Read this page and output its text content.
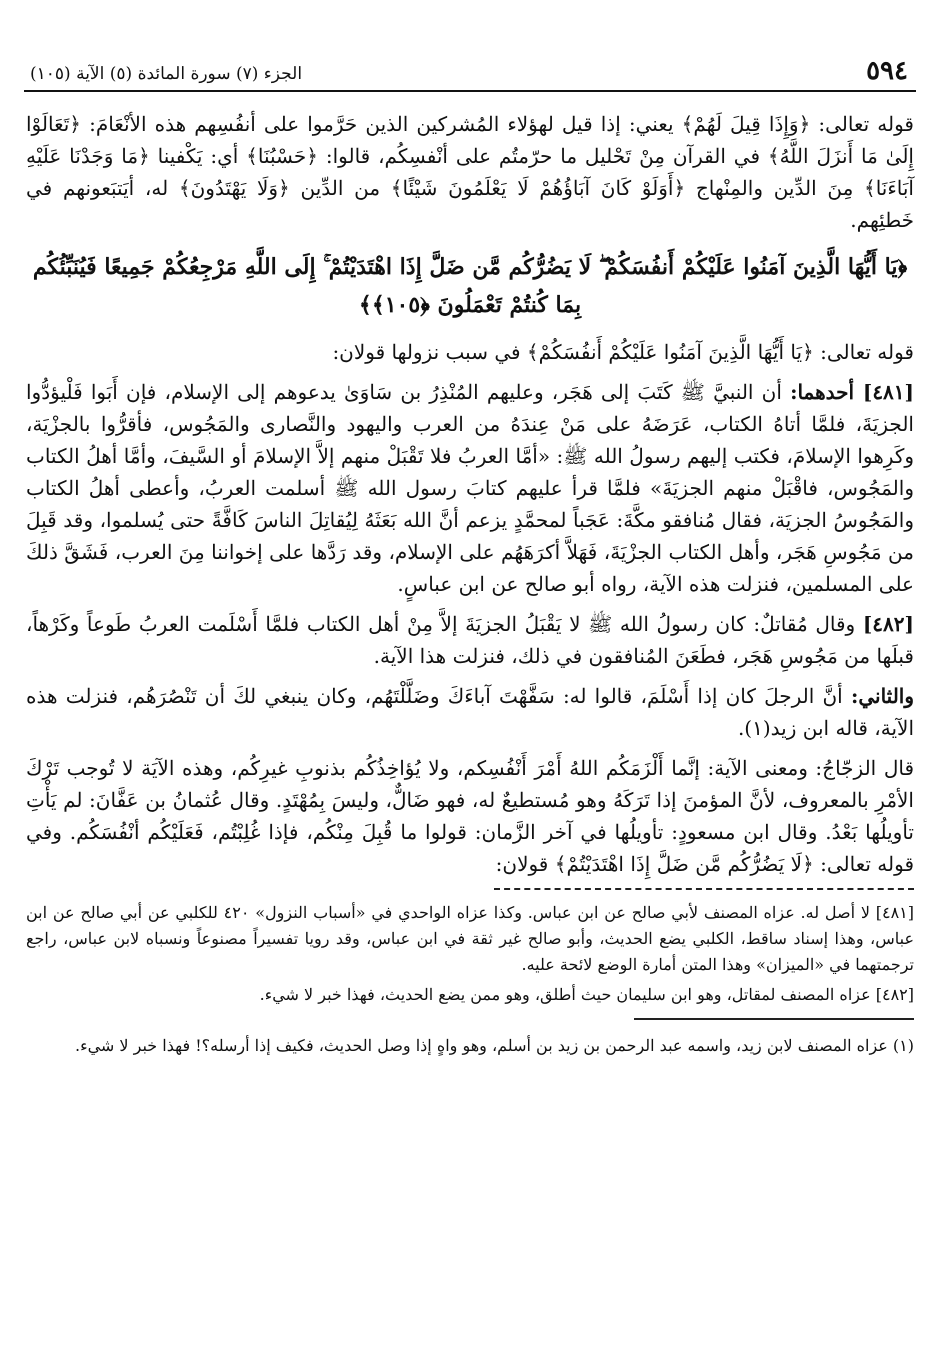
٥٩٤
الجزء (٧) سورة المائدة (٥) الآية (١٠٥)

قوله تعالى: ﴿وَإِذَا قِيلَ لَهُمْ﴾ يعني: إذا قيل لهؤلاء المُشركين الذين حَرَّموا على أنفُسِهم هذه الأنْعَامَ: ﴿تَعَالَوْا إِلَىٰ مَا أَنزَلَ اللَّهُ﴾ في القرآن مِنْ تَحْليل ما حرّمتُم على أنْفسِكُم، قالوا: ﴿حَسْبُنَا﴾ أي: يَكْفينا ﴿مَا وَجَدْنَا عَلَيْهِ آبَاءَنَا﴾ مِنَ الدِّين والمِنْهاج ﴿أَوَلَوْ كَانَ آبَاؤُهُمْ لَا يَعْلَمُونَ شَيْئًا﴾ من الدِّين ﴿وَلَا يَهْتَدُونَ﴾ له، أيَتبَعونهم في خَطئِهم.

﴿يَا أَيُّهَا الَّذِينَ آمَنُوا عَلَيْكُمْ أَنفُسَكُمْ ۖ لَا يَضُرُّكُم مَّن ضَلَّ إِذَا اهْتَدَيْتُمْ ۚ إِلَى اللَّهِ مَرْجِعُكُمْ جَمِيعًا فَيُنَبِّئُكُم بِمَا كُنتُمْ تَعْمَلُونَ ﴿١٠٥﴾﴾

قوله تعالى: ﴿يَا أَيُّهَا الَّذِينَ آمَنُوا عَلَيْكُمْ أَنفُسَكُمْ﴾ في سبب نزولها قولان:

[٤٨١] أحدهما: أن النبيَّ ﷺ كَتَبَ إلى هَجَر، وعليهم المُنْذِرُ بن سَاوَىٰ يدعوهم إلى الإسلام، فإن أَبَوا فَلْيؤدُّوا الجزيَةَ، فلمَّا أتاهُ الكتاب، عَرَضَهُ على مَنْ عِندَهُ من العرب واليهود والنَّصارى والمَجُوس، فأقرُّوا بالجزْيَة، وكَرِهوا الإسلامَ، فكتب إليهم رسولُ الله ﷺ: «أمَّا العربُ فلا تَقْبَلْ منهم إلاَّ الإسلامَ أو السَّيفَ، وأمَّا أهلُ الكتاب والمَجُوس، فاقْبَلْ منهم الجزيَةَ» فلمَّا قرأ عليهم كتابَ رسول الله ﷺ أسلمت العربُ، وأعطى أهلُ الكتاب والمَجُوسُ الجزيَة، فقال مُنافقو مكَّةَ: عَجَباً لمحمَّدٍ يزعم أنَّ الله بَعَثَهُ لِيُقاتِلَ الناسَ كَافَّةً حتى يُسلموا، وقد قَبِلَ من مَجُوسِ هَجَر، وأهل الكتاب الجزْيَةَ، فَهَلاَّ أكرَهَهُم على الإسلام، وقد رَدَّها على إخواننا مِنَ العرب، فَشَقَّ ذلكَ على المسلمين، فنزلت هذه الآية، رواه أبو صالح عن ابن عباسٍ.

[٤٨٢] وقال مُقاتلٌ: كان رسولُ الله ﷺ لا يَقْبَلُ الجزيَةَ إلاَّ مِنْ أهل الكتاب فلمَّا أَسْلَمت العربُ طَوعاً وكَرْهاً، قبلَها من مَجُوسِ هَجَر، فطَعَنَ المُنافقون في ذلك، فنزلت هذا الآية.

والثاني: أنَّ الرجلَ كان إذا أَسْلَمَ، قالوا له: سَفَّهْتَ آباءَكَ وضَلَّلْتَهُم، وكان ينبغي لكَ أن تَنْصُرَهُم، فنزلت هذه الآية، قاله ابن زيد(١).

قال الزجّاجُ: ومعنى الآية: إنَّما أَلْزَمَكُم اللهُ أَمْرَ أَنْفُسِكم، ولا يُؤاخِذُكُم بذنوبِ غيرِكُم، وهذه الآيَة لا تُوجب تَرْكَ الأمْرِ بالمعروف، لأنَّ المؤمنَ إذا تَرَكَهُ وهو مُستطيعٌ له، فهو ضَالٌّ، وليسَ بِمُهْتَدٍ. وقال عُثمانُ بن عَفَّانَ: لم يَأْتِ تأويلُها بَعْدُ. وقال ابن مسعودٍ: تأويلُها في آخر الزَّمان: قولوا ما قُبِلَ مِنْكُم، فإذا غُلِبْتُم، فَعَلَيْكُم أنْفُسَكُم. وفي قوله تعالى: ﴿لَا يَضُرُّكُم مَّن ضَلَّ إِذَا اهْتَدَيْتُمْ﴾ قولان:

[٤٨١] لا أصل له. عزاه المصنف لأبي صالح عن ابن عباس. وكذا عزاه الواحدي في «أسباب النزول» ٤٢٠ للكلبي عن أبي صالح عن ابن عباس، وهذا إسناد ساقط، الكلبي يضع الحديث، وأبو صالح غير ثقة في ابن عباس، وقد رويا تفسيراً مصنوعاً ونسباه لابن عباس، راجع ترجمتهما في «الميزان» وهذا المتن أمارة الوضع لائحة عليه.

[٤٨٢] عزاه المصنف لمقاتل، وهو ابن سليمان حيث أطلق، وهو ممن يضع الحديث، فهذا خبر لا شيء.

(١) عزاه المصنف لابن زيد، واسمه عبد الرحمن بن زيد بن أسلم، وهو واهٍ إذا وصل الحديث، فكيف إذا أرسله؟! فهذا خبر لا شيء.
